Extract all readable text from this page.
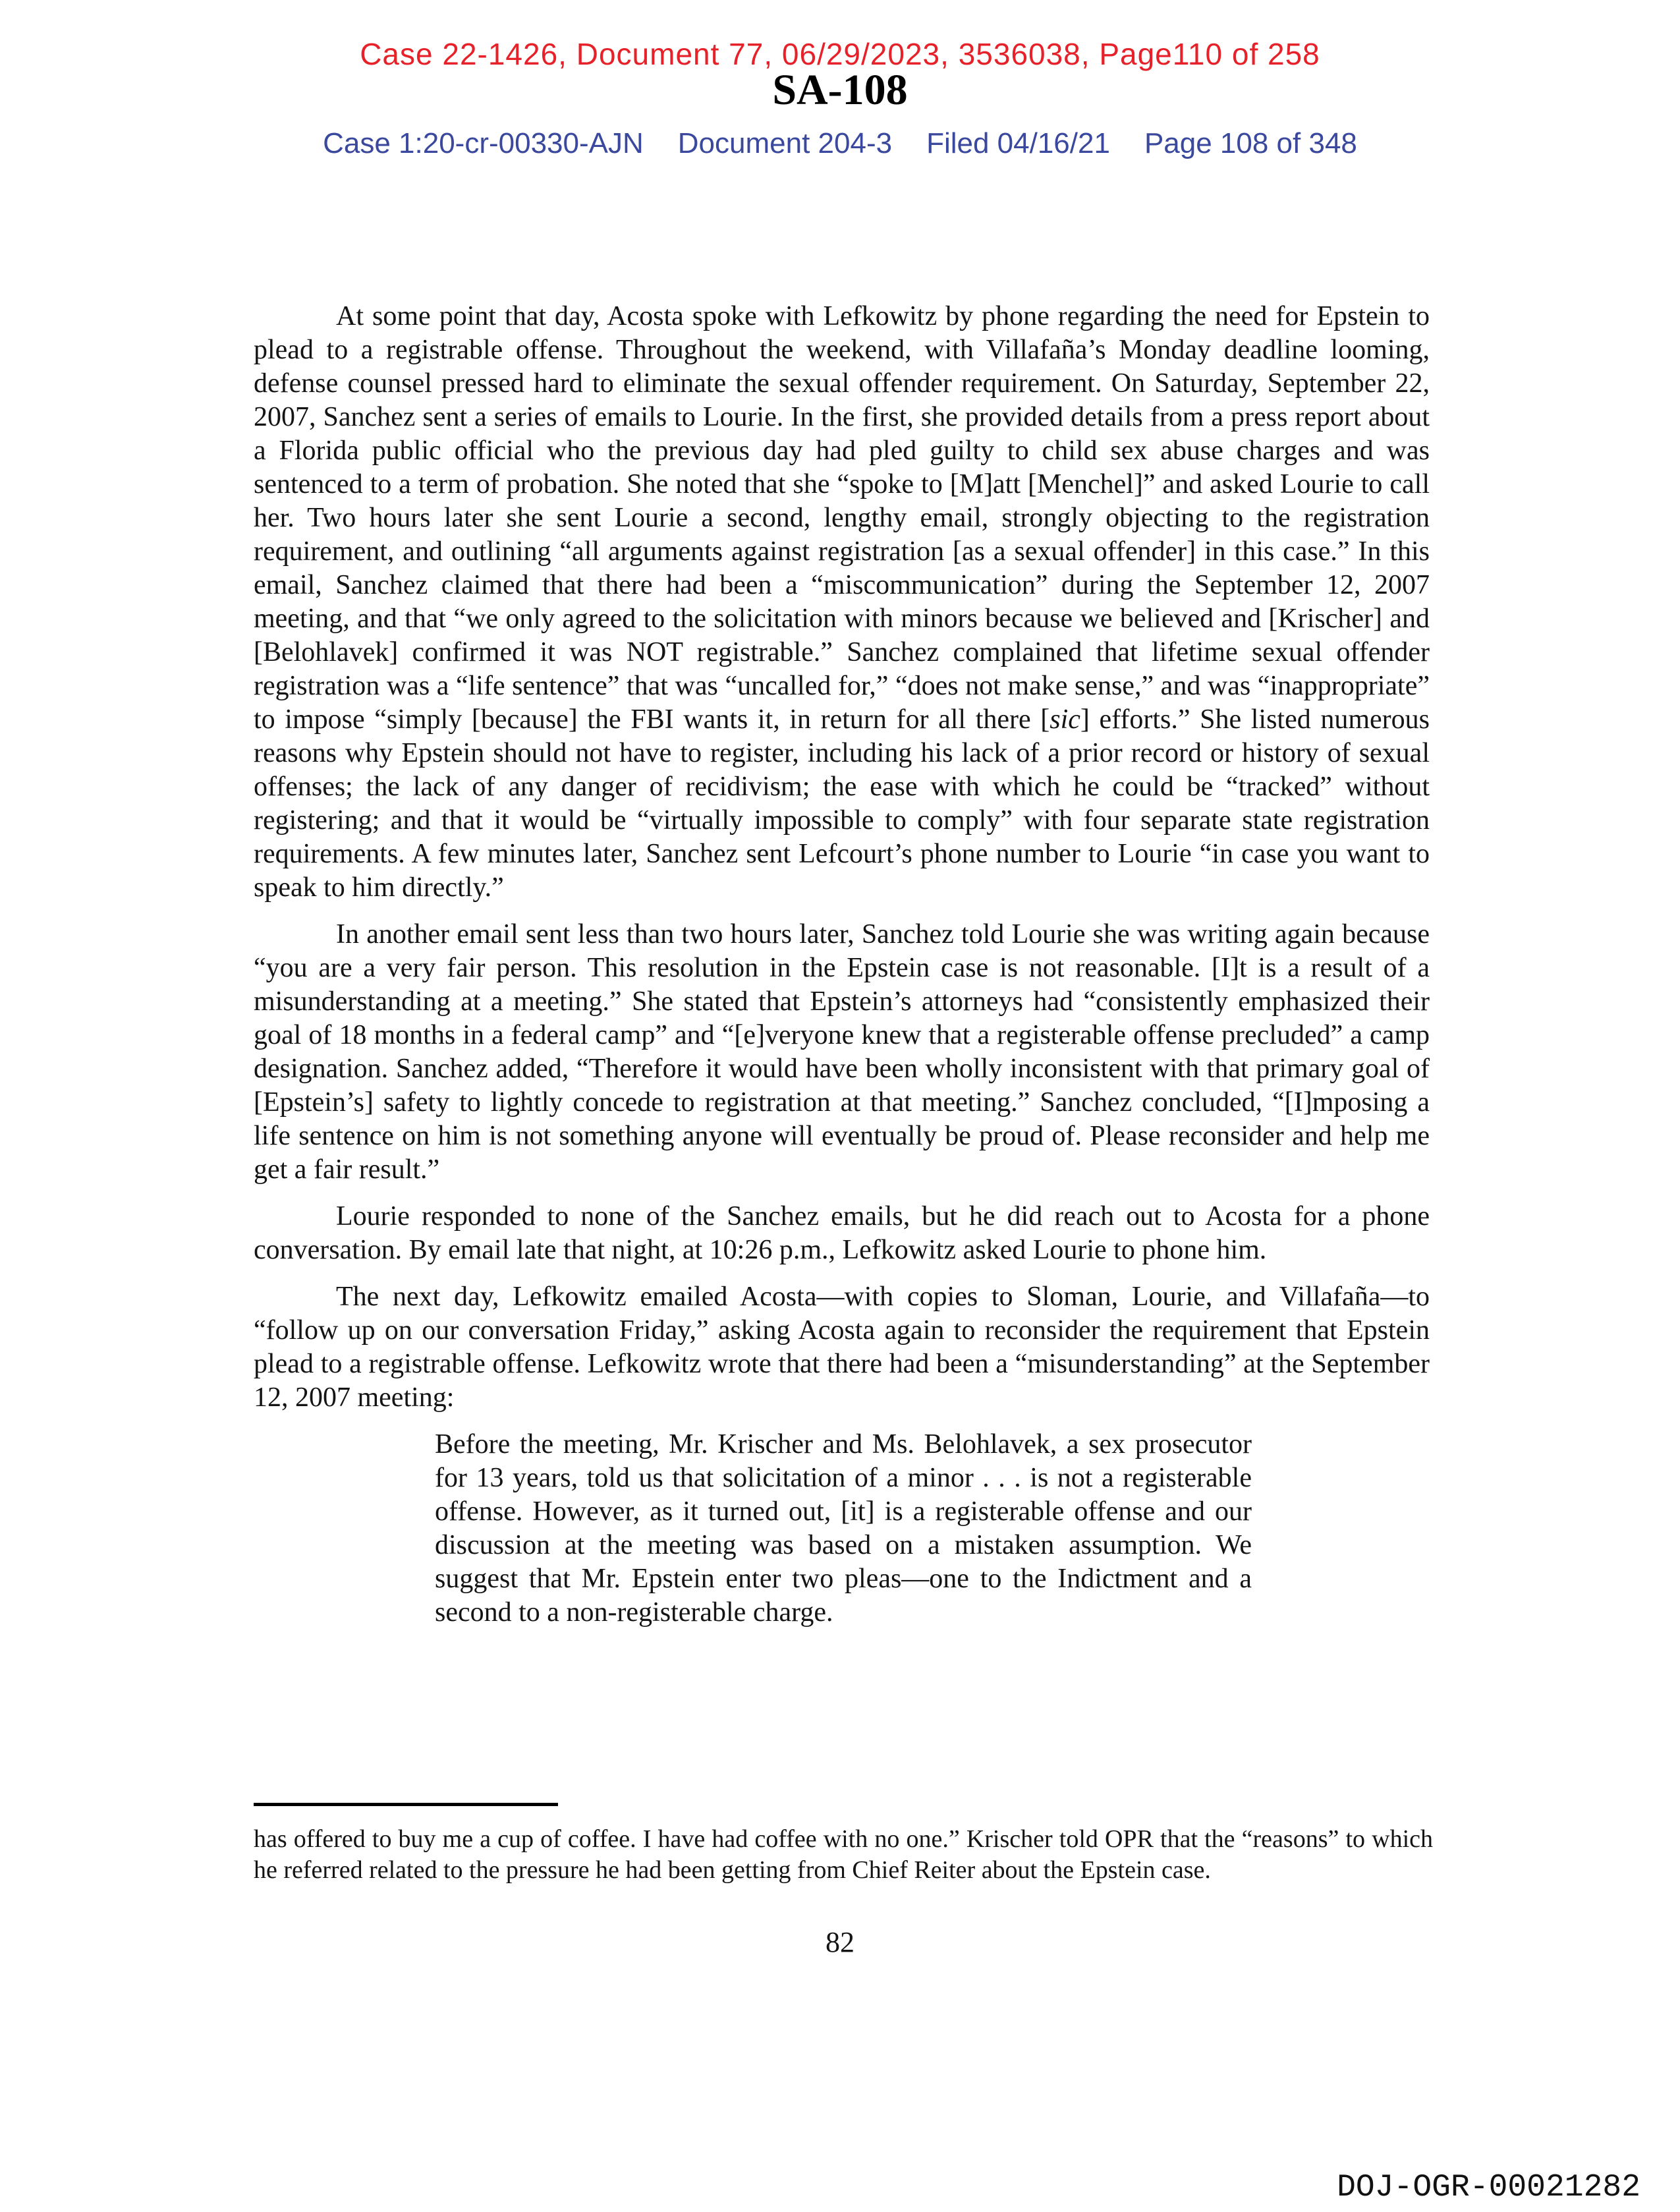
Case 22-1426, Document 77, 06/29/2023, 3536038, Page110 of 258
SA-108
Case 1:20-cr-00330-AJN Document 204-3 Filed 04/16/21 Page 108 of 348

At some point that day, Acosta spoke with Lefkowitz by phone regarding the need for Epstein to plead to a registrable offense. Throughout the weekend, with Villafaña’s Monday deadline looming, defense counsel pressed hard to eliminate the sexual offender requirement. On Saturday, September 22, 2007, Sanchez sent a series of emails to Lourie. In the first, she provided details from a press report about a Florida public official who the previous day had pled guilty to child sex abuse charges and was sentenced to a term of probation. She noted that she “spoke to [M]att [Menchel]” and asked Lourie to call her. Two hours later she sent Lourie a second, lengthy email, strongly objecting to the registration requirement, and outlining “all arguments against registration [as a sexual offender] in this case.” In this email, Sanchez claimed that there had been a “miscommunication” during the September 12, 2007 meeting, and that “we only agreed to the solicitation with minors because we believed and [Krischer] and [Belohlavek] confirmed it was NOT registrable.” Sanchez complained that lifetime sexual offender registration was a “life sentence” that was “uncalled for,” “does not make sense,” and was “inappropriate” to impose “simply [because] the FBI wants it, in return for all there [sic] efforts.” She listed numerous reasons why Epstein should not have to register, including his lack of a prior record or history of sexual offenses; the lack of any danger of recidivism; the ease with which he could be “tracked” without registering; and that it would be “virtually impossible to comply” with four separate state registration requirements. A few minutes later, Sanchez sent Lefcourt’s phone number to Lourie “in case you want to speak to him directly.”

In another email sent less than two hours later, Sanchez told Lourie she was writing again because “you are a very fair person. This resolution in the Epstein case is not reasonable. [I]t is a result of a misunderstanding at a meeting.” She stated that Epstein’s attorneys had “consistently emphasized their goal of 18 months in a federal camp” and “[e]veryone knew that a registerable offense precluded” a camp designation. Sanchez added, “Therefore it would have been wholly inconsistent with that primary goal of [Epstein’s] safety to lightly concede to registration at that meeting.” Sanchez concluded, “[I]mposing a life sentence on him is not something anyone will eventually be proud of. Please reconsider and help me get a fair result.”

Lourie responded to none of the Sanchez emails, but he did reach out to Acosta for a phone conversation. By email late that night, at 10:26 p.m., Lefkowitz asked Lourie to phone him.

The next day, Lefkowitz emailed Acosta—with copies to Sloman, Lourie, and Villafaña—to “follow up on our conversation Friday,” asking Acosta again to reconsider the requirement that Epstein plead to a registrable offense. Lefkowitz wrote that there had been a “misunderstanding” at the September 12, 2007 meeting:

Before the meeting, Mr. Krischer and Ms. Belohlavek, a sex prosecutor for 13 years, told us that solicitation of a minor . . . is not a registerable offense. However, as it turned out, [it] is a registerable offense and our discussion at the meeting was based on a mistaken assumption. We suggest that Mr. Epstein enter two pleas—one to the Indictment and a second to a non-registerable charge.

has offered to buy me a cup of coffee. I have had coffee with no one.” Krischer told OPR that the “reasons” to which he referred related to the pressure he had been getting from Chief Reiter about the Epstein case.

82
DOJ-OGR-00021282
